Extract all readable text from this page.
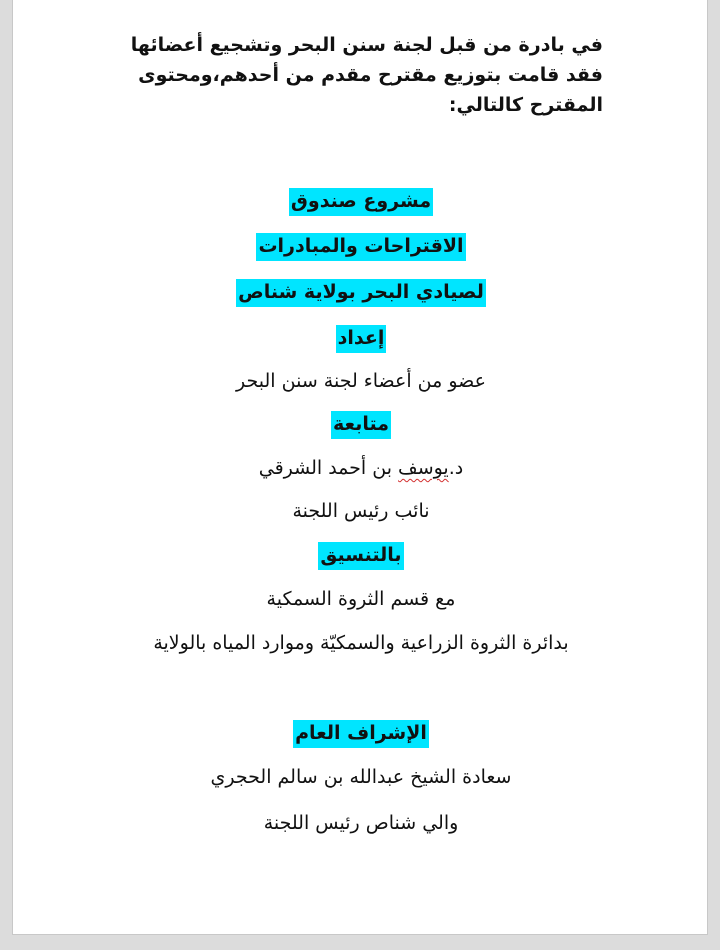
في بادرة من قبل لجنة سنن البحر وتشجيع أعضائها فقد قامت بتوزيع مقترح مقدم من أحدهم،ومحتوى المقترح كالتالي:
مشروع صندوق
الاقتراحات والمبادرات
لصيادي البحر بولاية شناص
إعداد
عضو من أعضاء لجنة سنن البحر
متابعة
د.يوسف بن أحمد الشرقي
نائب رئيس اللجنة
بالتنسيق
مع قسم الثروة السمكية
بدائرة الثروة الزراعية والسمكيّة وموارد المياه بالولاية
الإشراف العام
سعادة الشيخ عبدالله بن سالم الحجري
والي شناص رئيس اللجنة
